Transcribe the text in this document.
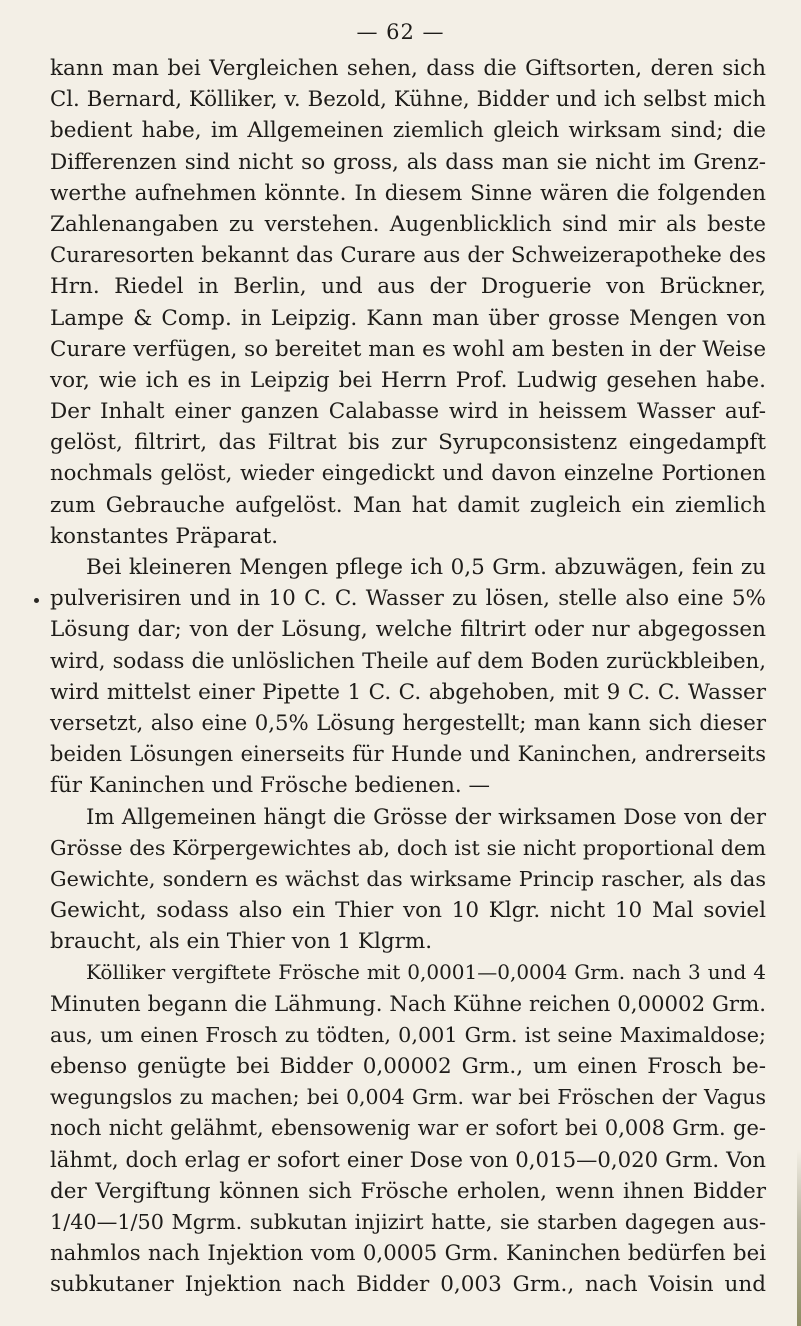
— 62 —
kann man bei Vergleichen sehen, dass die Giftsorten, deren sich
Cl. Bernard, Kölliker, v. Bezold, Kühne, Bidder und ich selbst mich
bedient habe, im Allgemeinen ziemlich gleich wirksam sind; die
Differenzen sind nicht so gross, als dass man sie nicht im Grenz-
werthe aufnehmen könnte. In diesem Sinne wären die folgenden
Zahlenangaben zu verstehen. Augenblicklich sind mir als beste
Curaresorten bekannt das Curare aus der Schweizerapotheke des
Hrn. Riedel in Berlin, und aus der Droguerie von Brückner,
Lampe & Comp. in Leipzig. Kann man über grosse Mengen von
Curare verfügen, so bereitet man es wohl am besten in der Weise
vor, wie ich es in Leipzig bei Herrn Prof. Ludwig gesehen habe.
Der Inhalt einer ganzen Calabasse wird in heissem Wasser auf-
gelöst, filtrirt, das Filtrat bis zur Syrupconsistenz eingedampft
nochmals gelöst, wieder eingedickt und davon einzelne Portionen
zum Gebrauche aufgelöst. Man hat damit zugleich ein ziemlich
konstantes Präparat.
Bei kleineren Mengen pflege ich 0,5 Grm. abzuwägen, fein zu
pulverisiren und in 10 C. C. Wasser zu lösen, stelle also eine 5%
Lösung dar; von der Lösung, welche filtrirt oder nur abgegossen
wird, sodass die unlöslichen Theile auf dem Boden zurückbleiben,
wird mittelst einer Pipette 1 C. C. abgehoben, mit 9 C. C. Wasser
versetzt, also eine 0,5% Lösung hergestellt; man kann sich dieser
beiden Lösungen einerseits für Hunde und Kaninchen, andrerseits
für Kaninchen und Frösche bedienen. —
Im Allgemeinen hängt die Grösse der wirksamen Dose von der
Grösse des Körpergewichtes ab, doch ist sie nicht proportional dem
Gewichte, sondern es wächst das wirksame Princip rascher, als das
Gewicht, sodass also ein Thier von 10 Klgr. nicht 10 Mal soviel
braucht, als ein Thier von 1 Klgrm.
Kölliker vergiftete Frösche mit 0,0001—0,0004 Grm. nach 3 und 4
Minuten begann die Lähmung. Nach Kühne reichen 0,00002 Grm.
aus, um einen Frosch zu tödten, 0,001 Grm. ist seine Maximaldose;
ebenso genügte bei Bidder 0,00002 Grm., um einen Frosch be-
wegungslos zu machen; bei 0,004 Grm. war bei Fröschen der Vagus
noch nicht gelähmt, ebensowenig war er sofort bei 0,008 Grm. ge-
lähmt, doch erlag er sofort einer Dose von 0,015—0,020 Grm. Von
der Vergiftung können sich Frösche erholen, wenn ihnen Bidder
1/40—1/50 Mgrm. subkutan injizirt hatte, sie starben dagegen aus-
nahmlos nach Injektion vom 0,0005 Grm. Kaninchen bedürfen bei
subkutaner Injektion nach Bidder 0,003 Grm., nach Voisin und
